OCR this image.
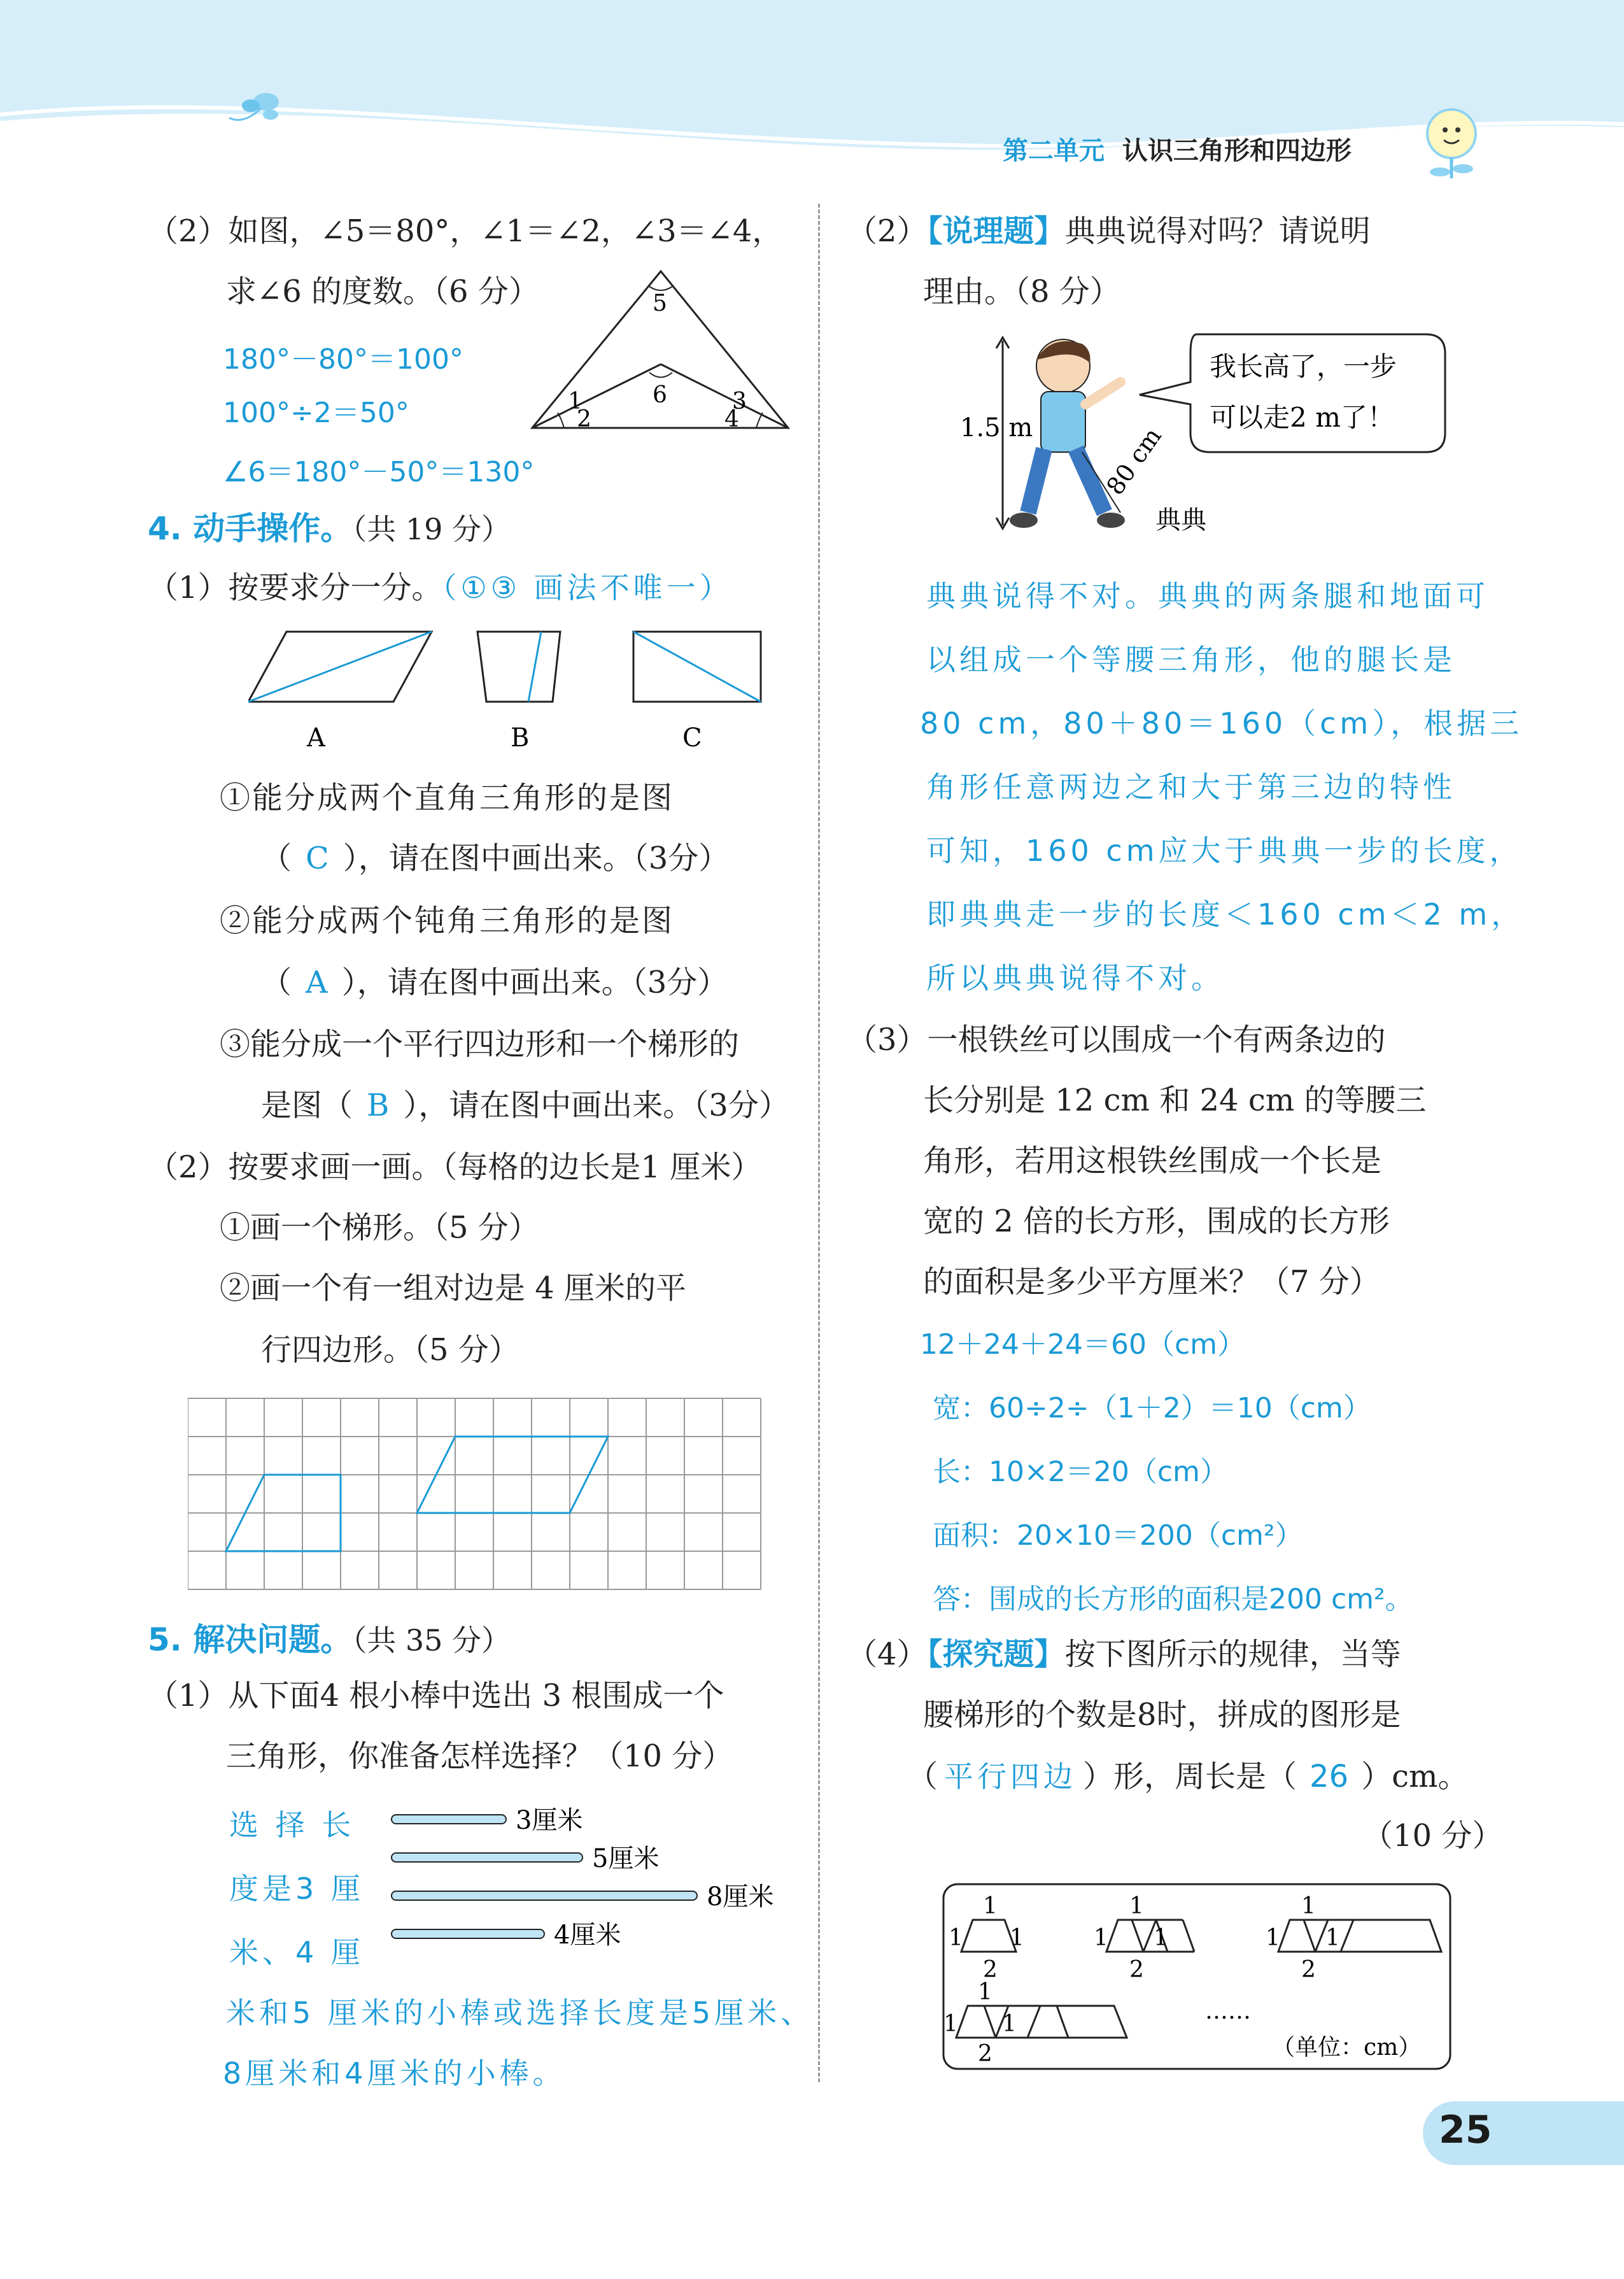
第二单元 认识三角形和四边形
（2）如图，∠5＝80°，∠1＝∠2，∠3＝∠4，
求∠6 的度数。（6 分）
180°－80°＝100°
100°÷2＝50°
∠6＝180°－50°＝130°
5
6
1
2
3
4
4. 动手操作。（共 19 分）
（1）按要求分一分。（①③ 画法不唯一）
A	B	C
①能分成两个直角三角形的是图
（ C ），请在图中画出来。（3分）
②能分成两个钝角三角形的是图
（ A ），请在图中画出来。（3分）
③能分成一个平行四边形和一个梯形的
是图（ B ），请在图中画出来。（3分）
（2）按要求画一画。（每格的边长是1 厘米）
①画一个梯形。（5 分）
②画一个有一组对边是 4 厘米的平
行四边形。（5 分）
5. 解决问题。（共 35 分）
（1）从下面4 根小棒中选出 3 根围成一个
三角形，你准备怎样选择？（10 分）
选 择 长
度是3 厘
米、4 厘
3厘米
5厘米
8厘米
4厘米
米和5 厘米的小棒或选择长度是5厘米、
8厘米和4厘米的小棒。
（2）【说理题】典典说得对吗？请说明
理由。（8 分）
1.5 m	80 cm
典典
我长高了，一步
可以走2 m了！
典典说得不对。典典的两条腿和地面可
以组成一个等腰三角形，他的腿长是
80 cm，80＋80＝160（cm），根据三
角形任意两边之和大于第三边的特性
可知，160 cm应大于典典一步的长度，
即典典走一步的长度＜160 cm＜2 m，
所以典典说得不对。
（3）一根铁丝可以围成一个有两条边的
长分别是 12 cm 和 24 cm 的等腰三
角形，若用这根铁丝围成一个长是
宽的 2 倍的长方形，围成的长方形
的面积是多少平方厘米？（7 分）
12＋24＋24＝60（cm）
宽：60÷2÷（1＋2）＝10（cm）
长：10×2＝20（cm）
面积：20×10＝200（cm²）
答：围成的长方形的面积是200 cm²。
（4）【探究题】按下图所示的规律，当等
腰梯形的个数是8时，拼成的图形是
（ 平行四边 ）形，周长是（ 26 ）cm。
（10 分）
1
1 1
2
1
1 1
2
1
1 1
2
1
1 1
2
……
（单位：cm）
25
